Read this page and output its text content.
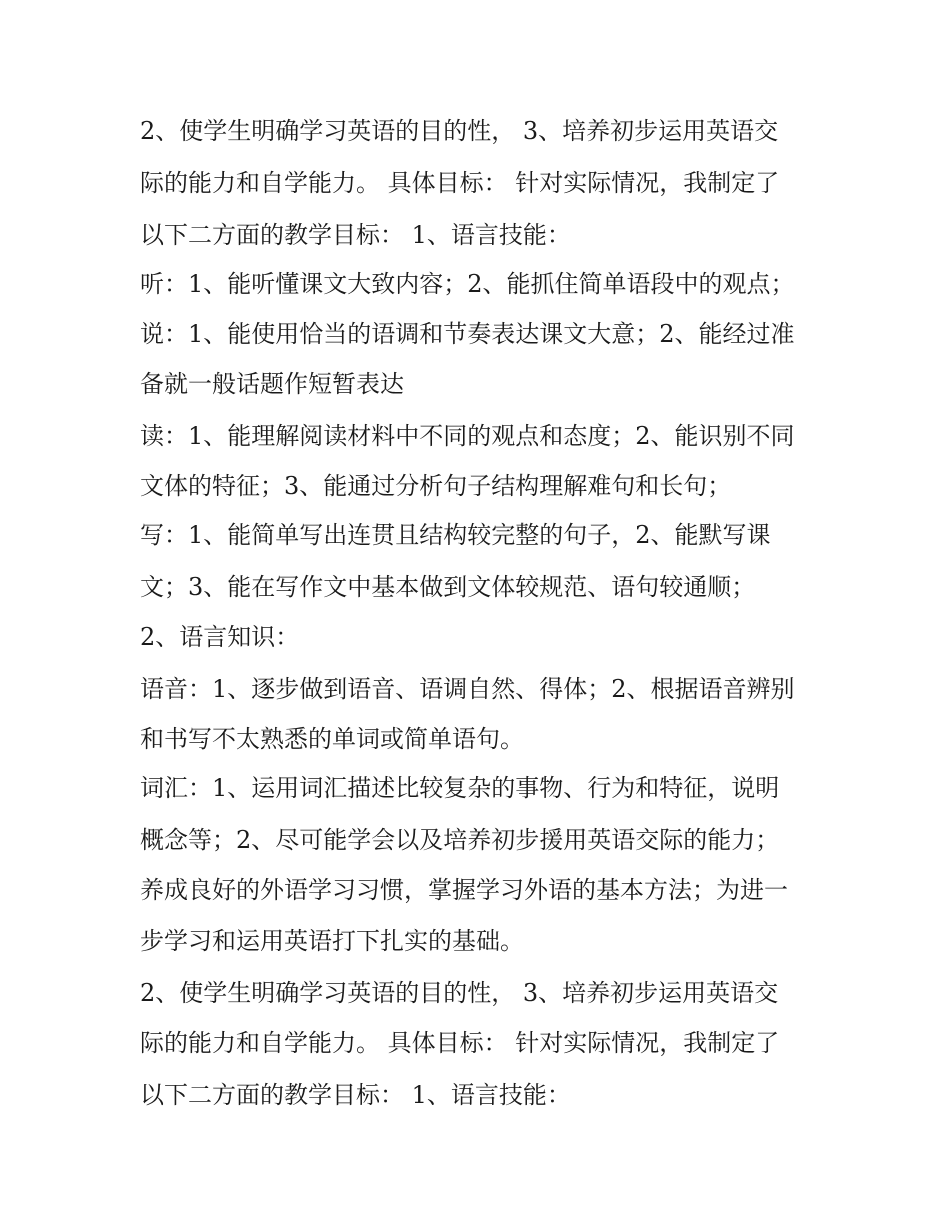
2、使学生明确学习英语的目的性， 3、培养初步运用英语交
际的能力和自学能力。 具体目标： 针对实际情况，我制定了
以下二方面的教学目标： 1、语言技能：
听：1、能听懂课文大致内容；2、能抓住简单语段中的观点；
说：1、能使用恰当的语调和节奏表达课文大意；2、能经过准
备就一般话题作短暂表达
读：1、能理解阅读材料中不同的观点和态度；2、能识别不同
文体的特征；3、能通过分析句子结构理解难句和长句；
写：1、能简单写出连贯且结构较完整的句子，2、能默写课
文；3、能在写作文中基本做到文体较规范、语句较通顺；
2、语言知识：
语音：1、逐步做到语音、语调自然、得体；2、根据语音辨别
和书写不太熟悉的单词或简单语句。
词汇：1、运用词汇描述比较复杂的事物、行为和特征，说明
概念等；2、尽可能学会以及培养初步援用英语交际的能力；
养成良好的外语学习习惯，掌握学习外语的基本方法；为进一
步学习和运用英语打下扎实的基础。
2、使学生明确学习英语的目的性， 3、培养初步运用英语交
际的能力和自学能力。 具体目标： 针对实际情况，我制定了
以下二方面的教学目标： 1、语言技能：
